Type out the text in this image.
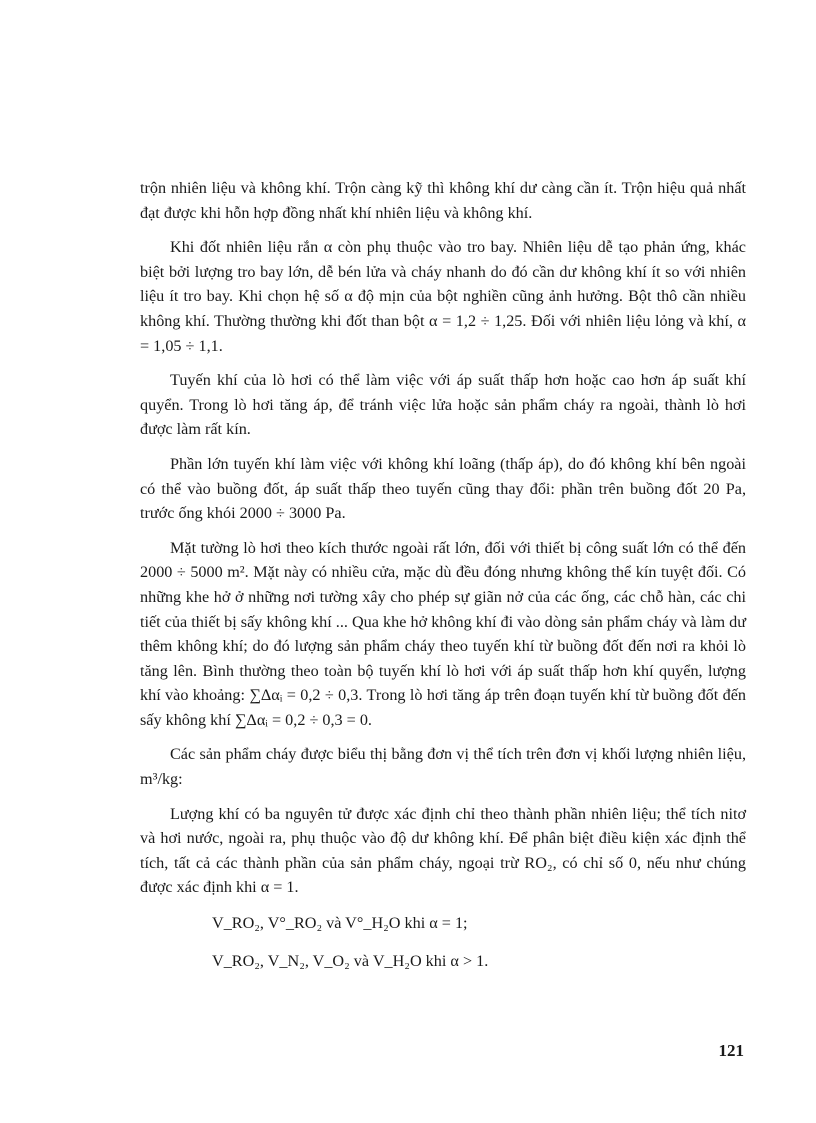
trộn nhiên liệu và không khí. Trộn càng kỹ thì không khí dư càng cần ít. Trộn hiệu quả nhất đạt được khi hỗn hợp đồng nhất khí nhiên liệu và không khí.

Khi đốt nhiên liệu rắn α còn phụ thuộc vào tro bay. Nhiên liệu dễ tạo phản ứng, khác biệt bởi lượng tro bay lớn, dễ bén lửa và cháy nhanh do đó cần dư không khí ít so với nhiên liệu ít tro bay. Khi chọn hệ số α độ mịn của bột nghiền cũng ảnh hưởng. Bột thô cần nhiều không khí. Thường thường khi đốt than bột α = 1,2 ÷ 1,25. Đối với nhiên liệu lỏng và khí, α = 1,05 ÷ 1,1.

Tuyến khí của lò hơi có thể làm việc với áp suất thấp hơn hoặc cao hơn áp suất khí quyển. Trong lò hơi tăng áp, để tránh việc lửa hoặc sản phẩm cháy ra ngoài, thành lò hơi được làm rất kín.

Phần lớn tuyến khí làm việc với không khí loãng (thấp áp), do đó không khí bên ngoài có thể vào buồng đốt, áp suất thấp theo tuyến cũng thay đổi: phần trên buồng đốt 20 Pa, trước ống khói 2000 ÷ 3000 Pa.

Mặt tường lò hơi theo kích thước ngoài rất lớn, đối với thiết bị công suất lớn có thể đến 2000 ÷ 5000 m². Mặt này có nhiều cửa, mặc dù đều đóng nhưng không thể kín tuyệt đối. Có những khe hở ở những nơi tường xây cho phép sự giãn nở của các ống, các chỗ hàn, các chi tiết của thiết bị sấy không khí ... Qua khe hở không khí đi vào dòng sản phẩm cháy và làm dư thêm không khí; do đó lượng sản phẩm cháy theo tuyến khí từ buồng đốt đến nơi ra khỏi lò tăng lên. Bình thường theo toàn bộ tuyến khí lò hơi với áp suất thấp hơn khí quyển, lượng khí vào khoảng: ∑Δαᵢ = 0,2 ÷ 0,3. Trong lò hơi tăng áp trên đoạn tuyến khí từ buồng đốt đến sấy không khí ∑Δαᵢ = 0,2 ÷ 0,3 = 0.

Các sản phẩm cháy được biểu thị bằng đơn vị thể tích trên đơn vị khối lượng nhiên liệu, m³/kg:

Lượng khí có ba nguyên tử được xác định chỉ theo thành phần nhiên liệu; thể tích nitơ và hơi nước, ngoài ra, phụ thuộc vào độ dư không khí. Để phân biệt điều kiện xác định thể tích, tất cả các thành phần của sản phẩm cháy, ngoại trừ RO₂, có chỉ số 0, nếu như chúng được xác định khi α = 1.

V_RO₂, V°_RO₂ và V°_H₂O khi α = 1;

V_RO₂, V_N₂, V_O₂ và V_H₂O khi α > 1.

121
